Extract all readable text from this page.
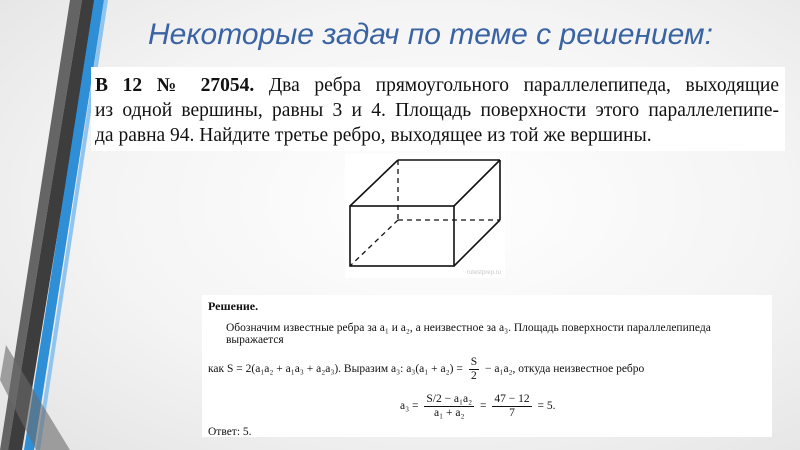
Некоторые задач по теме с решением:
B 12 № 27054. Два ребра прямоугольного параллелепипеда, выходящие
из одной вершины, равны 3 и 4. Площадь поверхности этого параллелепипе-
да равна 94. Найдите третье ребро, выходящее из той же вершины.
rutestprep.ru
Решение.
Обозначим известные ребра за a₁ и a₂, а неизвестное за a₃. Площадь поверхности параллелепипеда выражается
как S = 2(a₁a₂ + a₁a₃ + a₂a₃). Выразим a₃: $a_3(a_1 + a_2) = \frac{S}{2} - a_1a_2$, откуда неизвестное ребро
$a_3 = \frac{\text{S/2 − a₁a₂}}{\text{a₁ + a₂}} = \frac{47 - 12}{7} = 5$.
Ответ: 5.
